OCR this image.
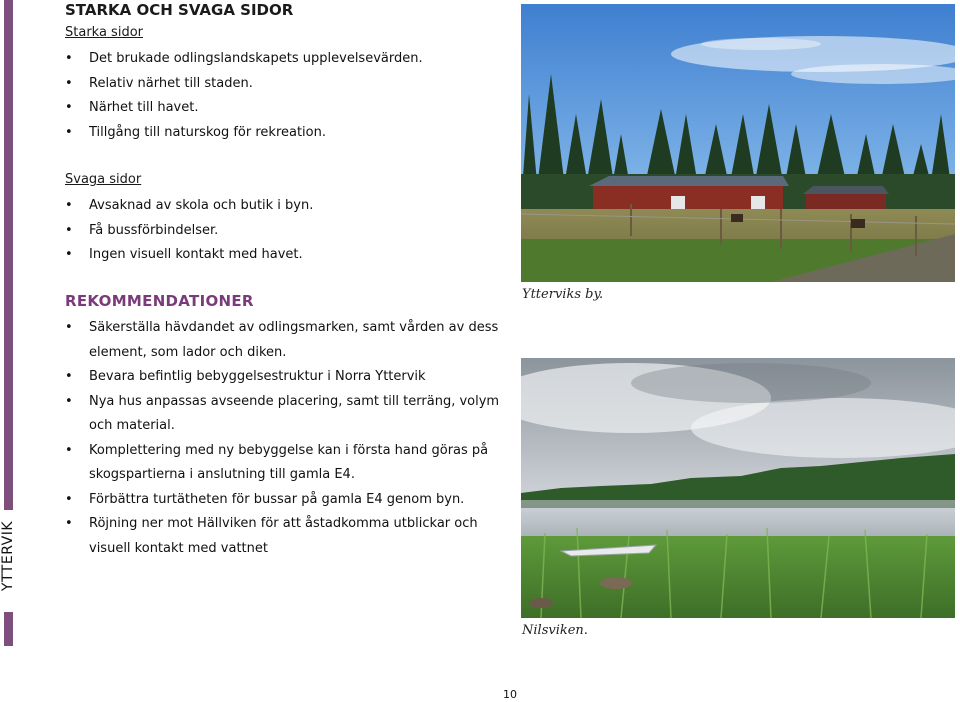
YTTERVIK
STARKA OCH SVAGA SIDOR
Starka sidor
• Det brukade odlingslandskapets upplevelsevärden.
• Relativ närhet till staden.
• Närhet till havet.
• Tillgång till naturskog för rekreation.
Svaga sidor
• Avsaknad av skola och butik i byn.
• Få bussförbindelser.
• Ingen visuell kontakt med havet.
REKOMMENDATIONER
• Säkerställa hävdandet av odlingsmarken, samt vården av dess element, som lador och diken.
• Bevara befintlig bebyggelsestruktur i Norra Yttervik
• Nya hus anpassas avseende placering, samt till terräng, volym och material.
• Komplettering med ny bebyggelse kan i första hand göras på skogspartierna i anslutning till gamla E4.
• Förbättra turtätheten för bussar på gamla E4 genom byn.
• Röjning ner mot Hällviken för att åstadkomma utblickar och visuell kontakt med vattnet
Ytterviks by.
Nilsviken.
10
